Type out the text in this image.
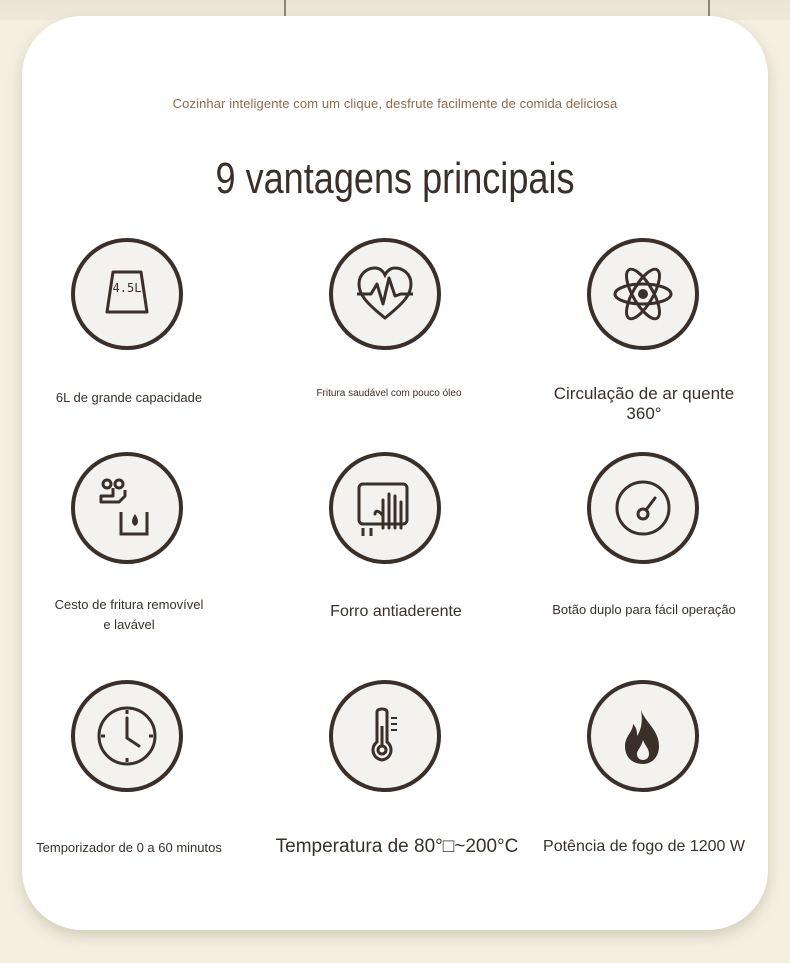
Cozinhar inteligente com um clique, desfrute facilmente de comida deliciosa
9 vantagens principais
4.5L
6L de grande capacidade	Fritura saudável com pouco óleo	Circulação de ar quente 360°
Cesto de fritura removível
e lavável
Forro antiaderente	Botão duplo para fácil operação
Temporizador de 0 a 60 minutos	Temperatura de 80°□~200°C	Potência de fogo de 1200 W
